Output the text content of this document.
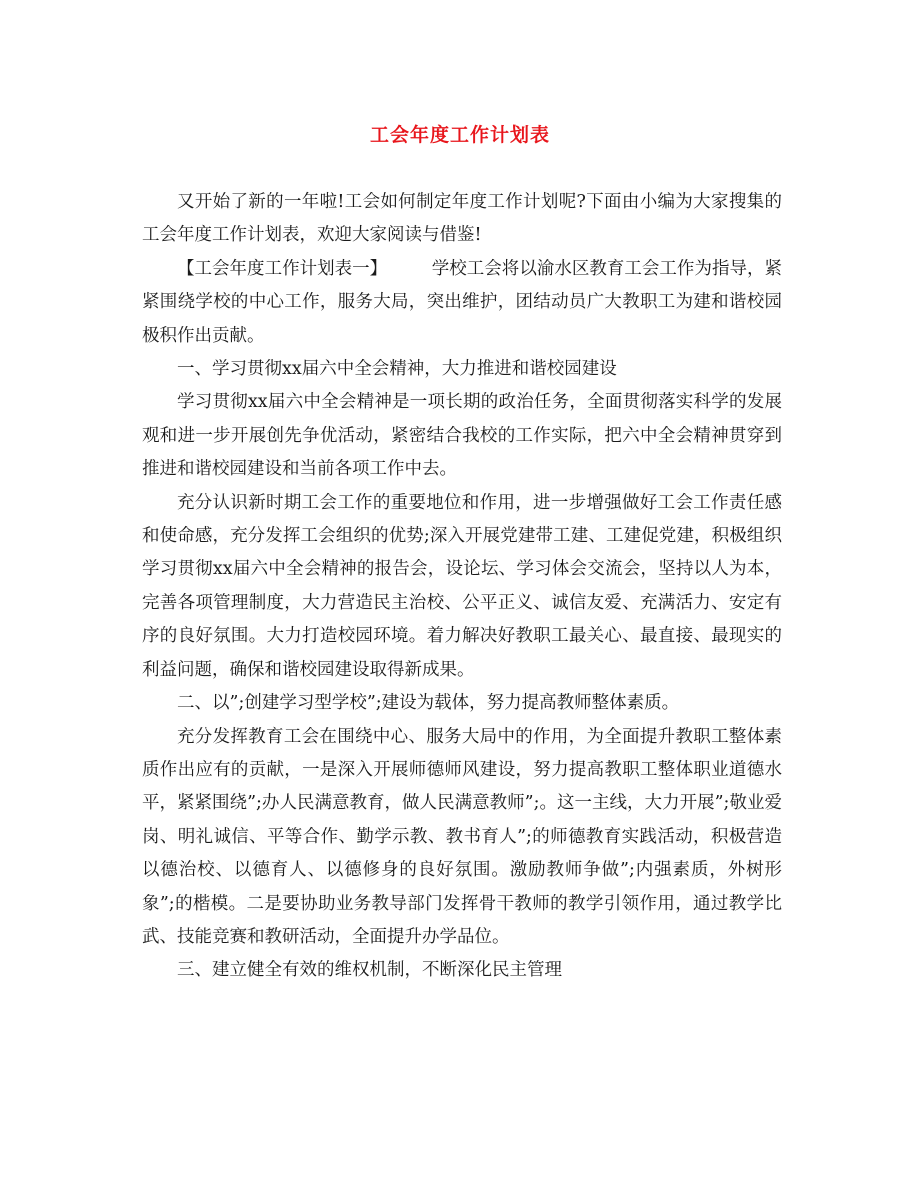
工会年度工作计划表

又开始了新的一年啦!工会如何制定年度工作计划呢?下面由小编为大家搜集的工会年度工作计划表，欢迎大家阅读与借鉴!

【工会年度工作计划表一】        学校工会将以渝水区教育工会工作为指导，紧紧围绕学校的中心工作，服务大局，突出维护，团结动员广大教职工为建和谐校园极积作出贡献。

一、学习贯彻xx届六中全会精神，大力推进和谐校园建设

学习贯彻xx届六中全会精神是一项长期的政治任务，全面贯彻落实科学的发展观和进一步开展创先争优活动，紧密结合我校的工作实际，把六中全会精神贯穿到推进和谐校园建设和当前各项工作中去。

充分认识新时期工会工作的重要地位和作用，进一步增强做好工会工作责任感和使命感，充分发挥工会组织的优势;深入开展党建带工建、工建促党建，积极组织学习贯彻xx届六中全会精神的报告会，设论坛、学习体会交流会，坚持以人为本，完善各项管理制度，大力营造民主治校、公平正义、诚信友爱、充满活力、安定有序的良好氛围。大力打造校园环境。着力解决好教职工最关心、最直接、最现实的利益问题，确保和谐校园建设取得新成果。

二、以”;创建学习型学校”;建设为载体，努力提高教师整体素质。

充分发挥教育工会在围绕中心、服务大局中的作用，为全面提升教职工整体素质作出应有的贡献，一是深入开展师德师风建设，努力提高教职工整体职业道德水平，紧紧围绕”;办人民满意教育，做人民满意教师”;。这一主线，大力开展”;敬业爱岗、明礼诚信、平等合作、勤学示教、教书育人”;的师德教育实践活动，积极营造以德治校、以德育人、以德修身的良好氛围。激励教师争做”;内强素质，外树形象”;的楷模。二是要协助业务教导部门发挥骨干教师的教学引领作用，通过教学比武、技能竞赛和教研活动，全面提升办学品位。

三、建立健全有效的维权机制，不断深化民主管理
